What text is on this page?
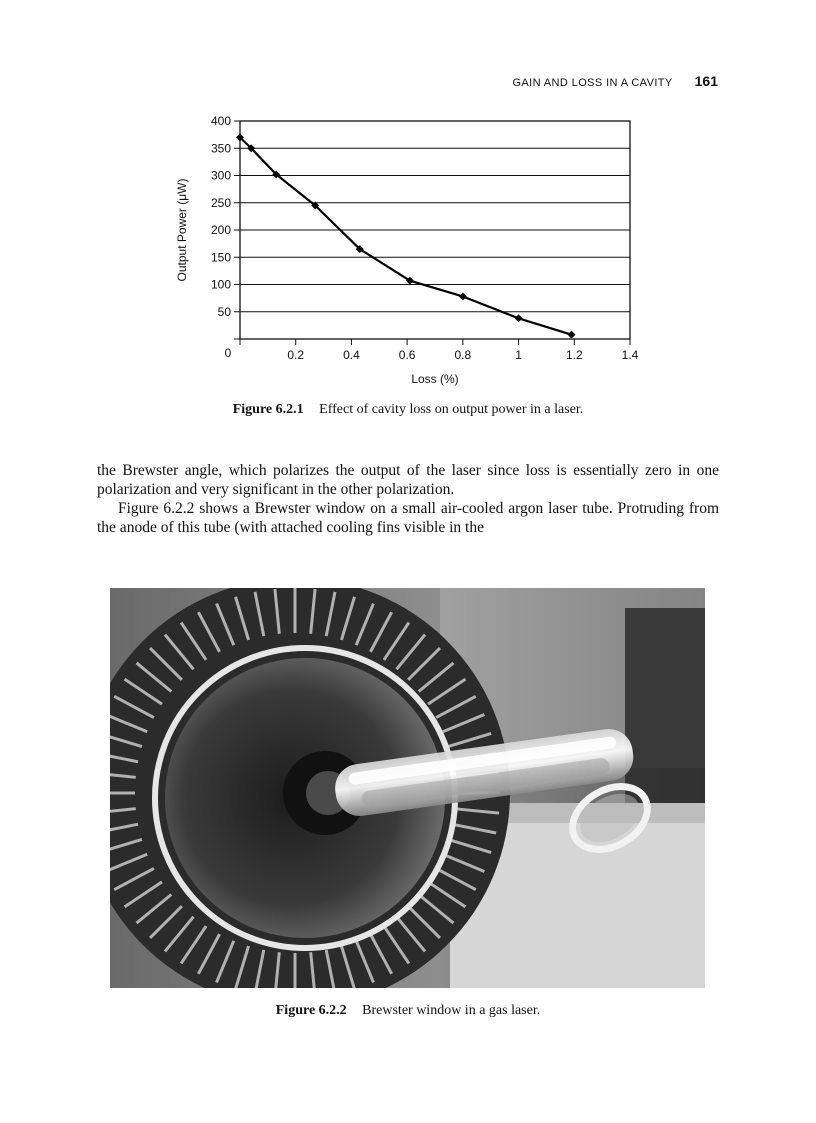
GAIN AND LOSS IN A CAVITY 161
50
100
150
200
250
300
350
400
0.2	0.4	0.6	0.8	1	1.2	1.4
0
Loss (%)
Output Power (μW)
Figure 6.2.1 Effect of cavity loss on output power in a laser.

the Brewster angle, which polarizes the output of the laser since loss is essentially zero in one polarization and very significant in the other polarization.

Figure 6.2.2 shows a Brewster window on a small air-cooled argon laser tube. Protruding from the anode of this tube (with attached cooling fins visible in the

Figure 6.2.2 Brewster window in a gas laser.
